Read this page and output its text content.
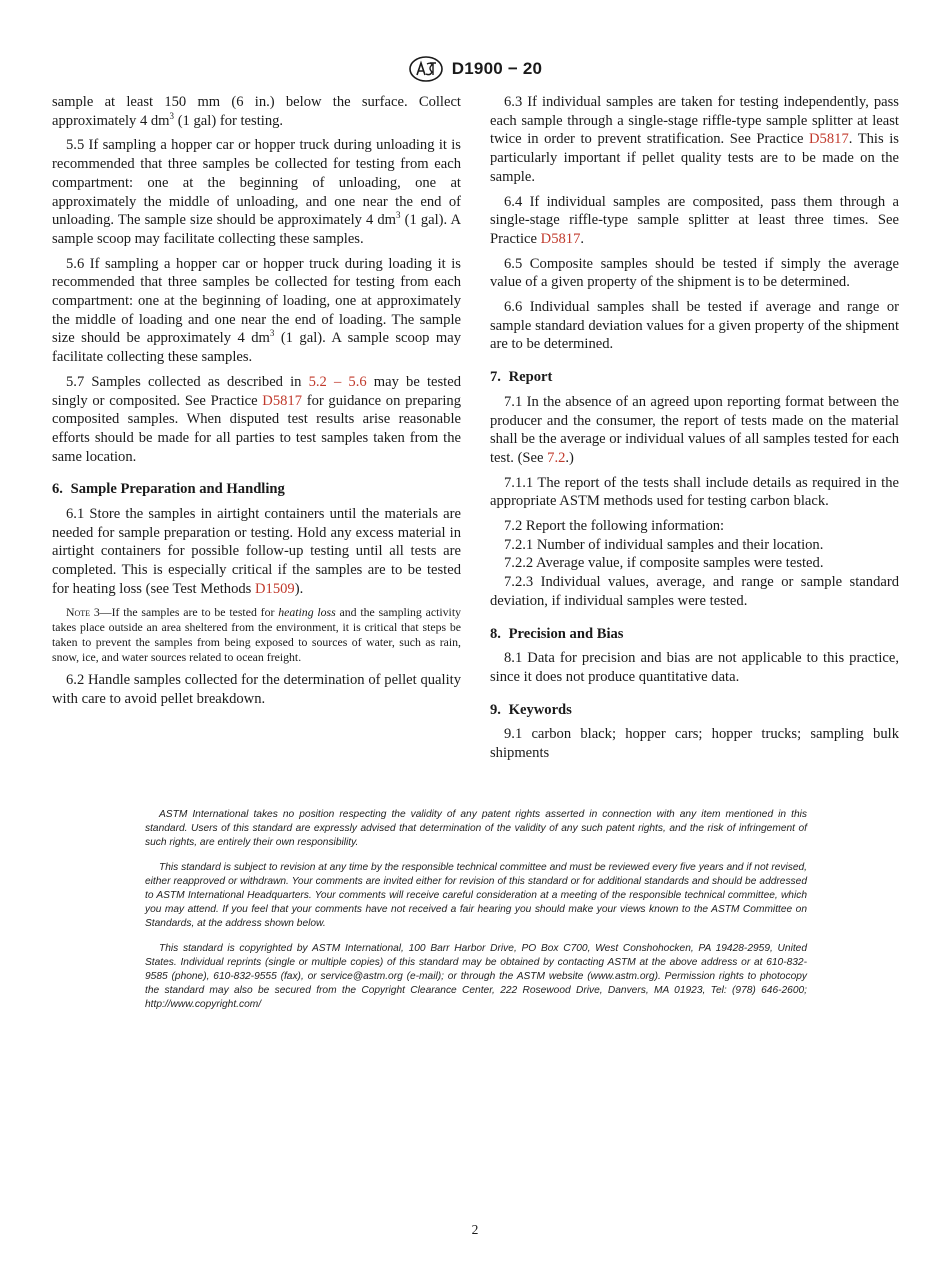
D1900 − 20

sample at least 150 mm (6 in.) below the surface. Collect approximately 4 $dm^3$ (1 gal) for testing.

5.5 If sampling a hopper car or hopper truck during unloading it is recommended that three samples be collected for testing from each compartment: one at the beginning of unloading, one at approximately the middle of unloading, and one near the end of unloading. The sample size should be approximately 4 $dm^3$ (1 gal). A sample scoop may facilitate collecting these samples.

5.6 If sampling a hopper car or hopper truck during loading it is recommended that three samples be collected for testing from each compartment: one at the beginning of loading, one at approximately the middle of loading and one near the end of loading. The sample size should be approximately 4 $dm^3$ (1 gal). A sample scoop may facilitate collecting these samples.

5.7 Samples collected as described in 5.2 – 5.6 may be tested singly or composited. See Practice D5817 for guidance on preparing composited samples. When disputed test results arise reasonable efforts should be made for all parties to test samples taken from the same location.

6. Sample Preparation and Handling

6.1 Store the samples in airtight containers until the materials are needed for sample preparation or testing. Hold any excess material in airtight containers for possible follow-up testing until all tests are completed. This is especially critical if the samples are to be tested for heating loss (see Test Methods D1509).

Note 3—If the samples are to be tested for heating loss and the sampling activity takes place outside an area sheltered from the environment, it is critical that steps be taken to prevent the samples from being exposed to sources of water, such as rain, snow, ice, and water sources related to ocean freight.

6.2 Handle samples collected for the determination of pellet quality with care to avoid pellet breakdown.

6.3 If individual samples are taken for testing independently, pass each sample through a single-stage riffle-type sample splitter at least twice in order to prevent stratification. See Practice D5817. This is particularly important if pellet quality tests are to be made on the sample.

6.4 If individual samples are composited, pass them through a single-stage riffle-type sample splitter at least three times. See Practice D5817.

6.5 Composite samples should be tested if simply the average value of a given property of the shipment is to be determined.

6.6 Individual samples shall be tested if average and range or sample standard deviation values for a given property of the shipment are to be determined.

7. Report

7.1 In the absence of an agreed upon reporting format between the producer and the consumer, the report of tests made on the material shall be the average or individual values of all samples tested for each test. (See 7.2.)

7.1.1 The report of the tests shall include details as required in the appropriate ASTM methods used for testing carbon black.

7.2 Report the following information:

7.2.1 Number of individual samples and their location.

7.2.2 Average value, if composite samples were tested.

7.2.3 Individual values, average, and range or sample standard deviation, if individual samples were tested.

8. Precision and Bias

8.1 Data for precision and bias are not applicable to this practice, since it does not produce quantitative data.

9. Keywords

9.1 carbon black; hopper cars; hopper trucks; sampling bulk shipments

ASTM International takes no position respecting the validity of any patent rights asserted in connection with any item mentioned in this standard. Users of this standard are expressly advised that determination of the validity of any such patent rights, and the risk of infringement of such rights, are entirely their own responsibility.

This standard is subject to revision at any time by the responsible technical committee and must be reviewed every five years and if not revised, either reapproved or withdrawn. Your comments are invited either for revision of this standard or for additional standards and should be addressed to ASTM International Headquarters. Your comments will receive careful consideration at a meeting of the responsible technical committee, which you may attend. If you feel that your comments have not received a fair hearing you should make your views known to the ASTM Committee on Standards, at the address shown below.

This standard is copyrighted by ASTM International, 100 Barr Harbor Drive, PO Box C700, West Conshohocken, PA 19428-2959, United States. Individual reprints (single or multiple copies) of this standard may be obtained by contacting ASTM at the above address or at 610-832-9585 (phone), 610-832-9555 (fax), or service@astm.org (e-mail); or through the ASTM website (www.astm.org). Permission rights to photocopy the standard may also be secured from the Copyright Clearance Center, 222 Rosewood Drive, Danvers, MA 01923, Tel: (978) 646-2600; http://www.copyright.com/

2
